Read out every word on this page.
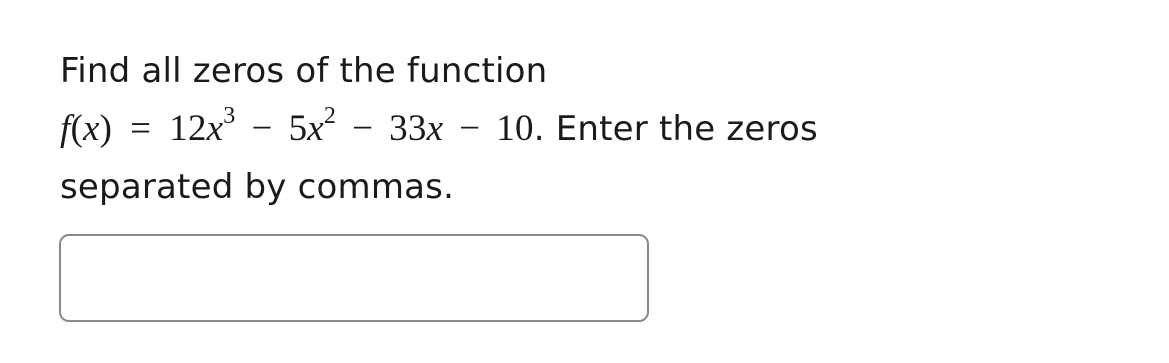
Find all zeros of the function
$f(x) = 12x^3 - 5x^2 - 33x - 10$. Enter the zeros
separated by commas.
